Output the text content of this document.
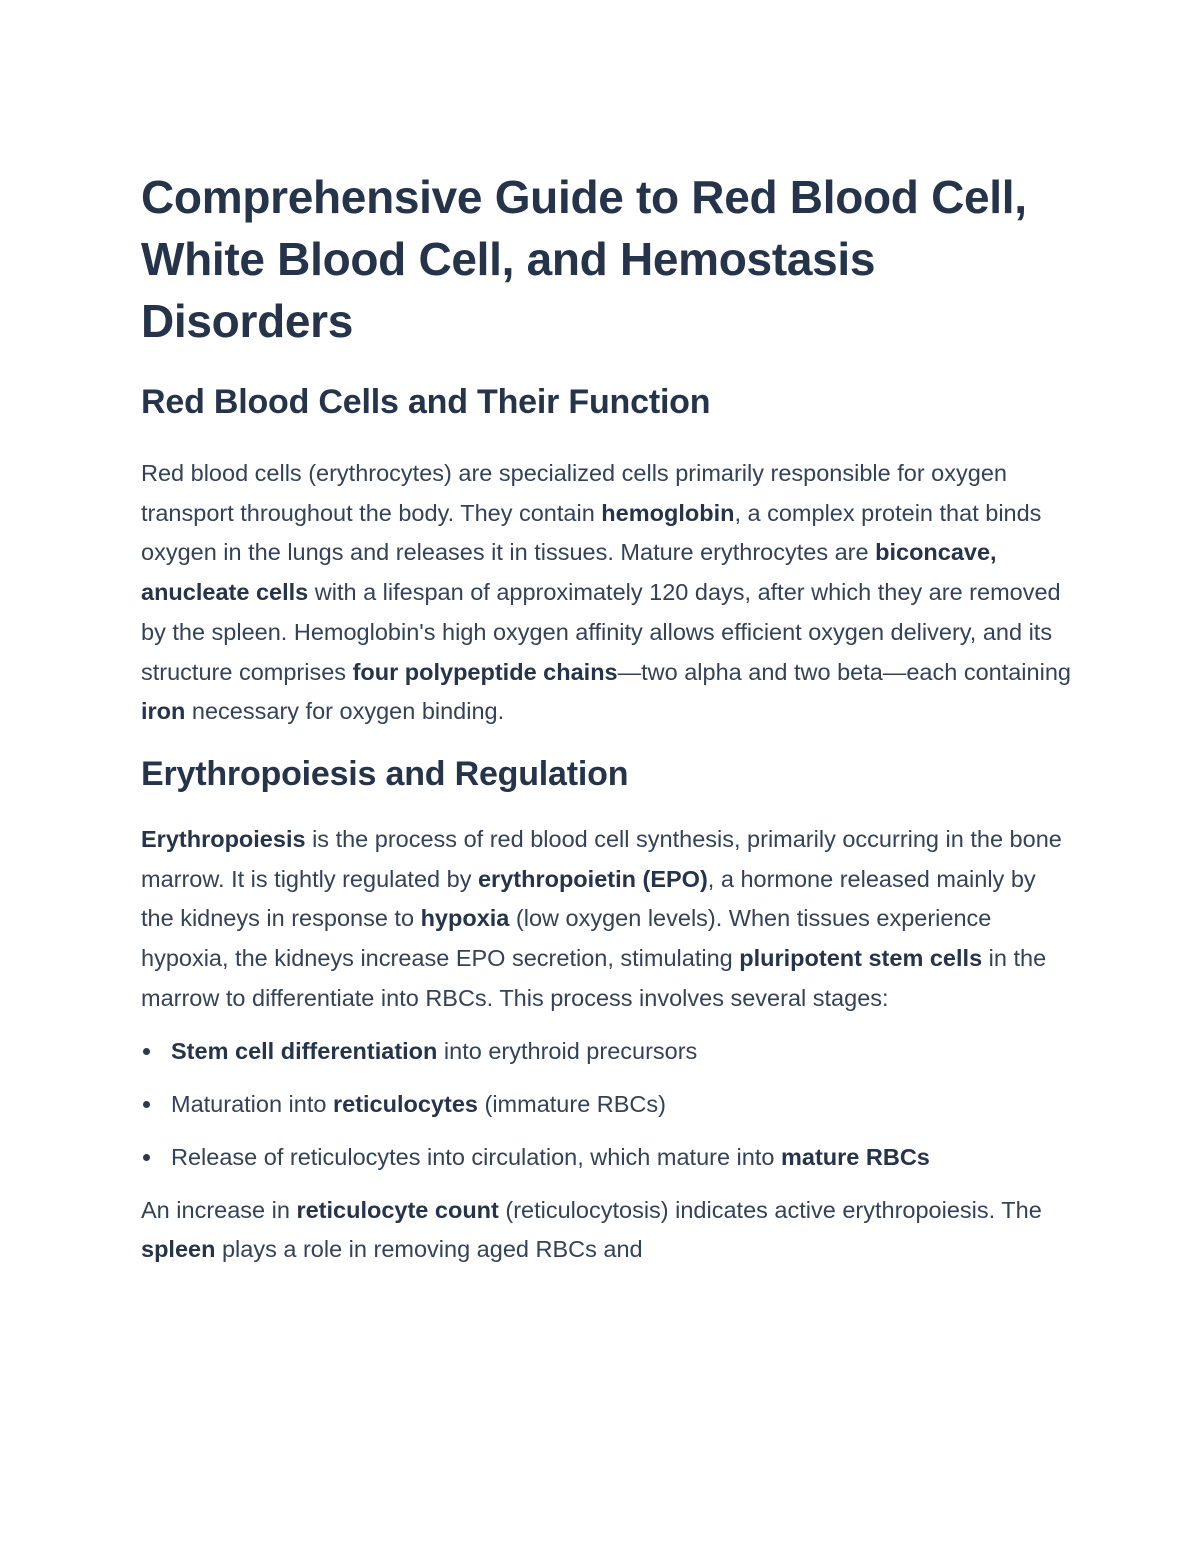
Comprehensive Guide to Red Blood Cell, White Blood Cell, and Hemostasis Disorders
Red Blood Cells and Their Function

Red blood cells (erythrocytes) are specialized cells primarily responsible for oxygen transport throughout the body. They contain hemoglobin, a complex protein that binds oxygen in the lungs and releases it in tissues. Mature erythrocytes are biconcave, anucleate cells with a lifespan of approximately 120 days, after which they are removed by the spleen. Hemoglobin's high oxygen affinity allows efficient oxygen delivery, and its structure comprises four polypeptide chains—two alpha and two beta—each containing iron necessary for oxygen binding.

Erythropoiesis and Regulation

Erythropoiesis is the process of red blood cell synthesis, primarily occurring in the bone marrow. It is tightly regulated by erythropoietin (EPO), a hormone released mainly by the kidneys in response to hypoxia (low oxygen levels). When tissues experience hypoxia, the kidneys increase EPO secretion, stimulating pluripotent stem cells in the marrow to differentiate into RBCs. This process involves several stages:

Stem cell differentiation into erythroid precursors
Maturation into reticulocytes (immature RBCs)
Release of reticulocytes into circulation, which mature into mature RBCs

An increase in reticulocyte count (reticulocytosis) indicates active erythropoiesis. The spleen plays a role in removing aged RBCs and
